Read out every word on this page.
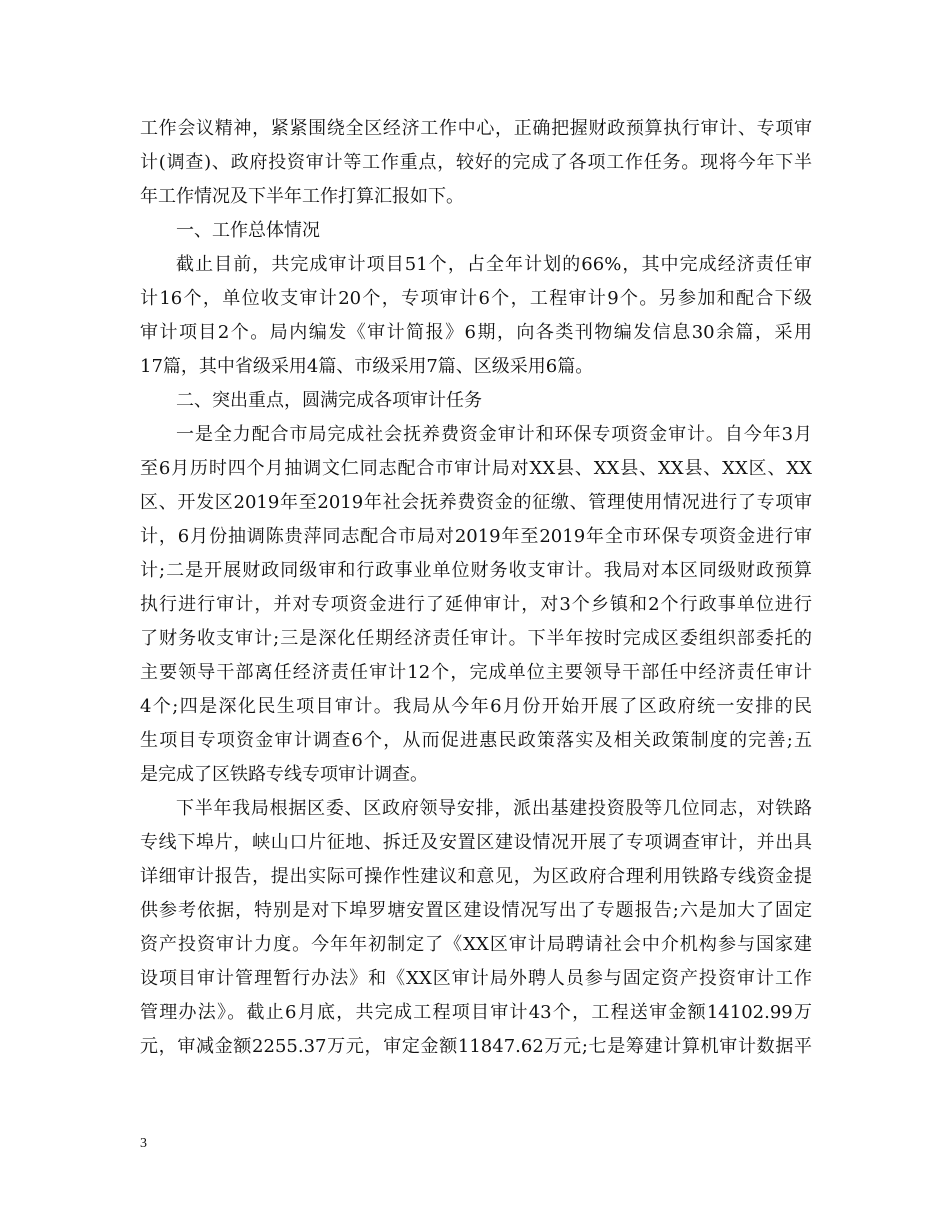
工作会议精神，紧紧围绕全区经济工作中心，正确把握财政预算执行审计、专项审
计(调查)、政府投资审计等工作重点，较好的完成了各项工作任务。现将今年下半
年工作情况及下半年工作打算汇报如下。
一、工作总体情况
截止目前，共完成审计项目51个，占全年计划的66%，其中完成经济责任审
计16个，单位收支审计20个，专项审计6个，工程审计9个。另参加和配合下级
审计项目2个。局内编发《审计简报》6期，向各类刊物编发信息30余篇，采用
17篇，其中省级采用4篇、市级采用7篇、区级采用6篇。
二、突出重点，圆满完成各项审计任务
一是全力配合市局完成社会抚养费资金审计和环保专项资金审计。自今年3月
至6月历时四个月抽调文仁同志配合市审计局对XX县、XX县、XX县、XX区、XX
区、开发区2019年至2019年社会抚养费资金的征缴、管理使用情况进行了专项审
计，6月份抽调陈贵萍同志配合市局对2019年至2019年全市环保专项资金进行审
计;二是开展财政同级审和行政事业单位财务收支审计。我局对本区同级财政预算
执行进行审计，并对专项资金进行了延伸审计，对3个乡镇和2个行政事单位进行
了财务收支审计;三是深化任期经济责任审计。下半年按时完成区委组织部委托的
主要领导干部离任经济责任审计12个，完成单位主要领导干部任中经济责任审计
4个;四是深化民生项目审计。我局从今年6月份开始开展了区政府统一安排的民
生项目专项资金审计调查6个，从而促进惠民政策落实及相关政策制度的完善;五
是完成了区铁路专线专项审计调查。
下半年我局根据区委、区政府领导安排，派出基建投资股等几位同志，对铁路
专线下埠片，峡山口片征地、拆迁及安置区建设情况开展了专项调查审计，并出具
详细审计报告，提出实际可操作性建议和意见，为区政府合理利用铁路专线资金提
供参考依据，特别是对下埠罗塘安置区建设情况写出了专题报告;六是加大了固定
资产投资审计力度。今年年初制定了《XX区审计局聘请社会中介机构参与国家建
设项目审计管理暂行办法》和《XX区审计局外聘人员参与固定资产投资审计工作
管理办法》。截止6月底，共完成工程项目审计43个，工程送审金额14102.99万
元，审减金额2255.37万元，审定金额11847.62万元;七是筹建计算机审计数据平
3
